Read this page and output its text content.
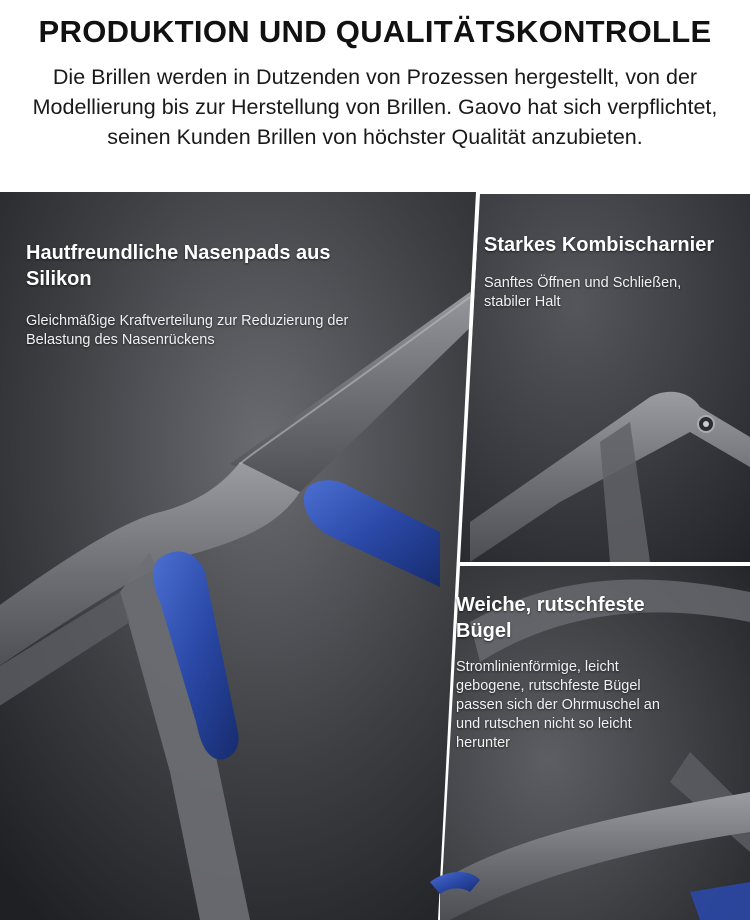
PRODUKTION UND QUALITÄTSKONTROLLE

Die Brillen werden in Dutzenden von Prozessen hergestellt, von der Modellierung bis zur Herstellung von Brillen. Gaovo hat sich verpflichtet, seinen Kunden Brillen von höchster Qualität anzubieten.

Hautfreundliche Nasenpads aus Silikon
Gleichmäßige Kraftverteilung zur Reduzierung der Belastung des Nasenrückens
Starkes Kombischarnier
Sanftes Öffnen und Schließen, stabiler Halt
Weiche, rutschfeste Bügel
Stromlinienförmige, leicht gebogene, rutschfeste Bügel passen sich der Ohrmuschel an und rutschen nicht so leicht herunter
